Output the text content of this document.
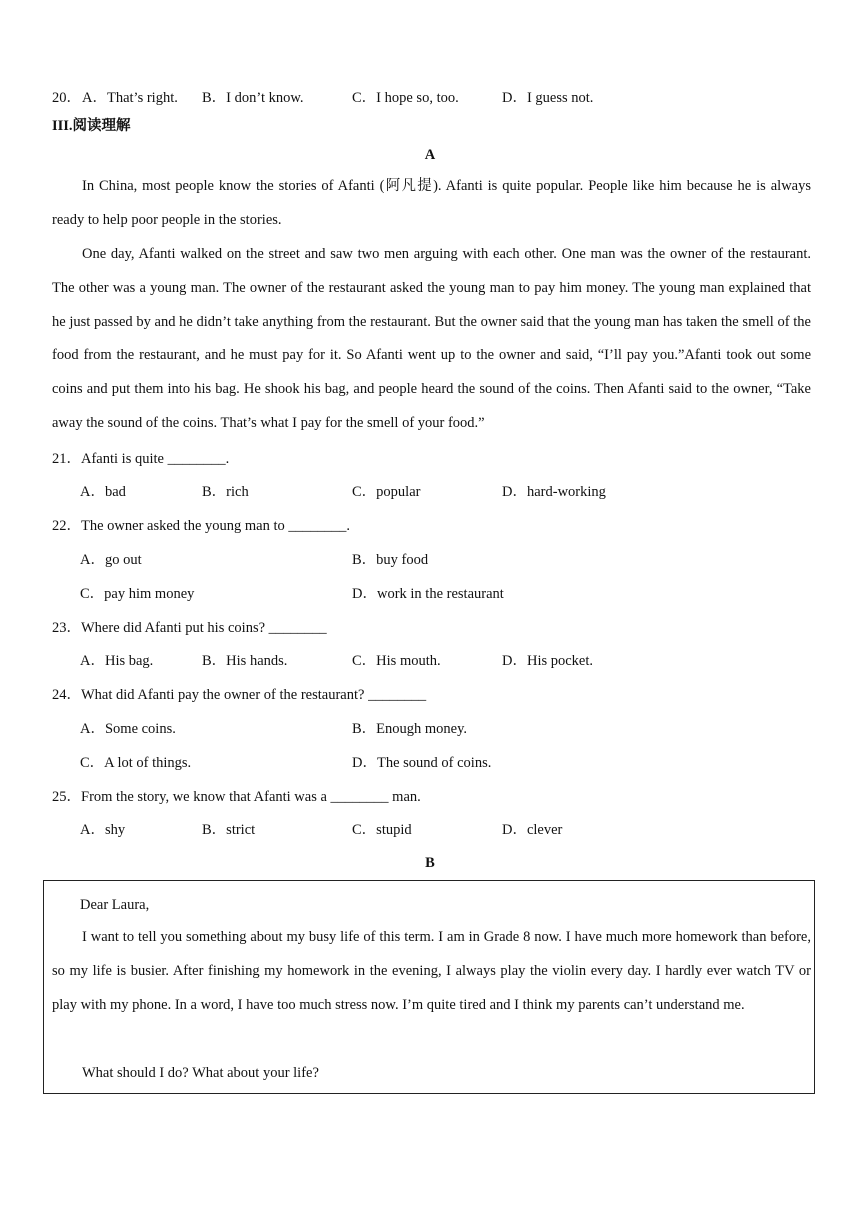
20． A．That’s right. B．I don’t know.	C．I hope so, too.	D．I guess not.
III.阅读理解
A
In China, most people know the stories of Afanti (阿凡提). Afanti is quite popular. People like him because he is always ready to help poor people in the stories.
One day, Afanti walked on the street and saw two men arguing with each other. One man was the owner of the restaurant. The other was a young man. The owner of the restaurant asked the young man to pay him money. The young man explained that he just passed by and he didn’t take anything from the restaurant. But the owner said that the young man has taken the smell of the food from the restaurant, and he must pay for it. So Afanti went up to the owner and said, “I’ll pay you.”Afanti took out some coins and put them into his bag. He shook his bag, and people heard the sound of the coins. Then Afanti said to the owner, “Take away the sound of the coins. That’s what I pay for the smell of your food.”
21．Afanti is quite ________.
A．bad	B．rich	C．popular	D．hard-working
22．The owner asked the young man to ________.
A．go out	B．buy food
C．pay him money	D．work in the restaurant
23．Where did Afanti put his coins? ________
A．His bag.	B．His hands.	C．His mouth.	D．His pocket.
24．What did Afanti pay the owner of the restaurant? ________
A．Some coins.	B．Enough money.
C．A lot of things.	D．The sound of coins.
25．From the story, we know that Afanti was a ________ man.
A．shy	B．strict	C．stupid	D．clever
B
Dear Laura,
I want to tell you something about my busy life of this term. I am in Grade 8 now. I have much more homework than before, so my life is busier. After finishing my homework in the evening, I always play the violin every day. I hardly ever watch TV or play with my phone. In a word, I have too much stress now. I’m quite tired and I think my parents can’t understand me.
What should I do? What about your life?
